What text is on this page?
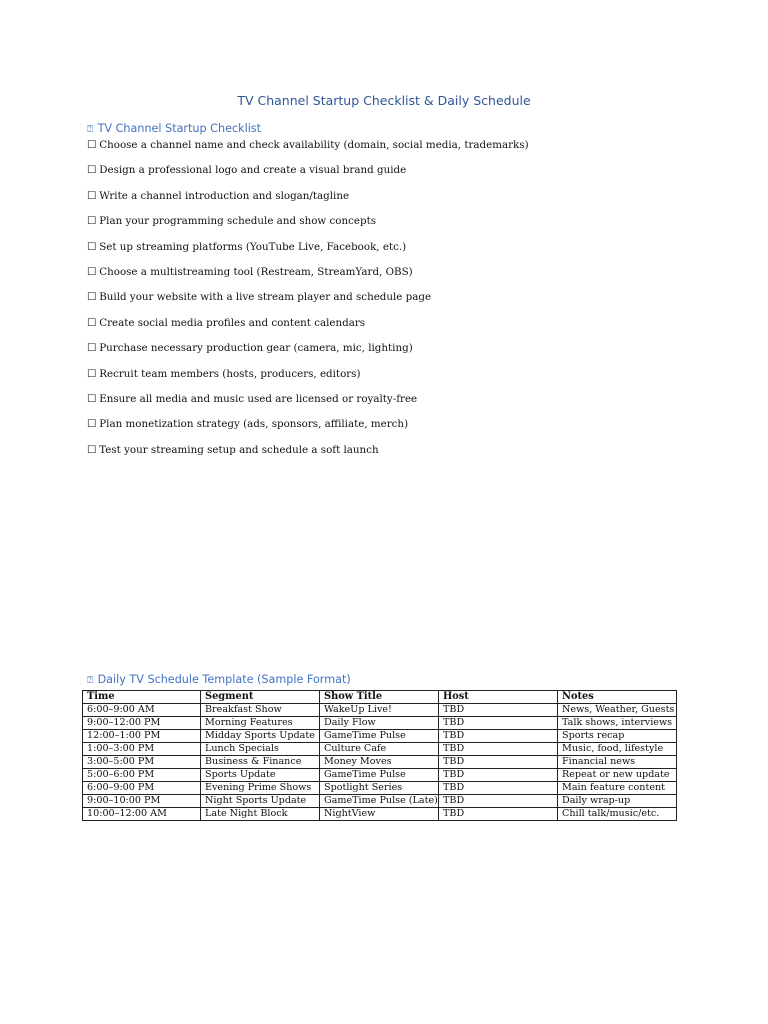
TV Channel Startup Checklist & Daily Schedule
⍰ TV Channel Startup Checklist
☐ Choose a channel name and check availability (domain, social media, trademarks)
☐ Design a professional logo and create a visual brand guide
☐ Write a channel introduction and slogan/tagline
☐ Plan your programming schedule and show concepts
☐ Set up streaming platforms (YouTube Live, Facebook, etc.)
☐ Choose a multistreaming tool (Restream, StreamYard, OBS)
☐ Build your website with a live stream player and schedule page
☐ Create social media profiles and content calendars
☐ Purchase necessary production gear (camera, mic, lighting)
☐ Recruit team members (hosts, producers, editors)
☐ Ensure all media and music used are licensed or royalty-free
☐ Plan monetization strategy (ads, sponsors, affiliate, merch)
☐ Test your streaming setup and schedule a soft launch
⍰ Daily TV Schedule Template (Sample Format)
Time	Segment	Show Title	Host	Notes
6:00–9:00 AM	Breakfast Show	WakeUp Live!	TBD	News, Weather, Guests
9:00–12:00 PM	Morning Features	Daily Flow	TBD	Talk shows, interviews
12:00–1:00 PM	Midday Sports Update	GameTime Pulse	TBD	Sports recap
1:00–3:00 PM	Lunch Specials	Culture Cafe	TBD	Music, food, lifestyle
3:00–5:00 PM	Business & Finance	Money Moves	TBD	Financial news
5:00–6:00 PM	Sports Update	GameTime Pulse	TBD	Repeat or new update
6:00–9:00 PM	Evening Prime Shows	Spotlight Series	TBD	Main feature content
9:00–10:00 PM	Night Sports Update	GameTime Pulse (Late)	TBD	Daily wrap-up
10:00–12:00 AM	Late Night Block	NightView	TBD	Chill talk/music/etc.
